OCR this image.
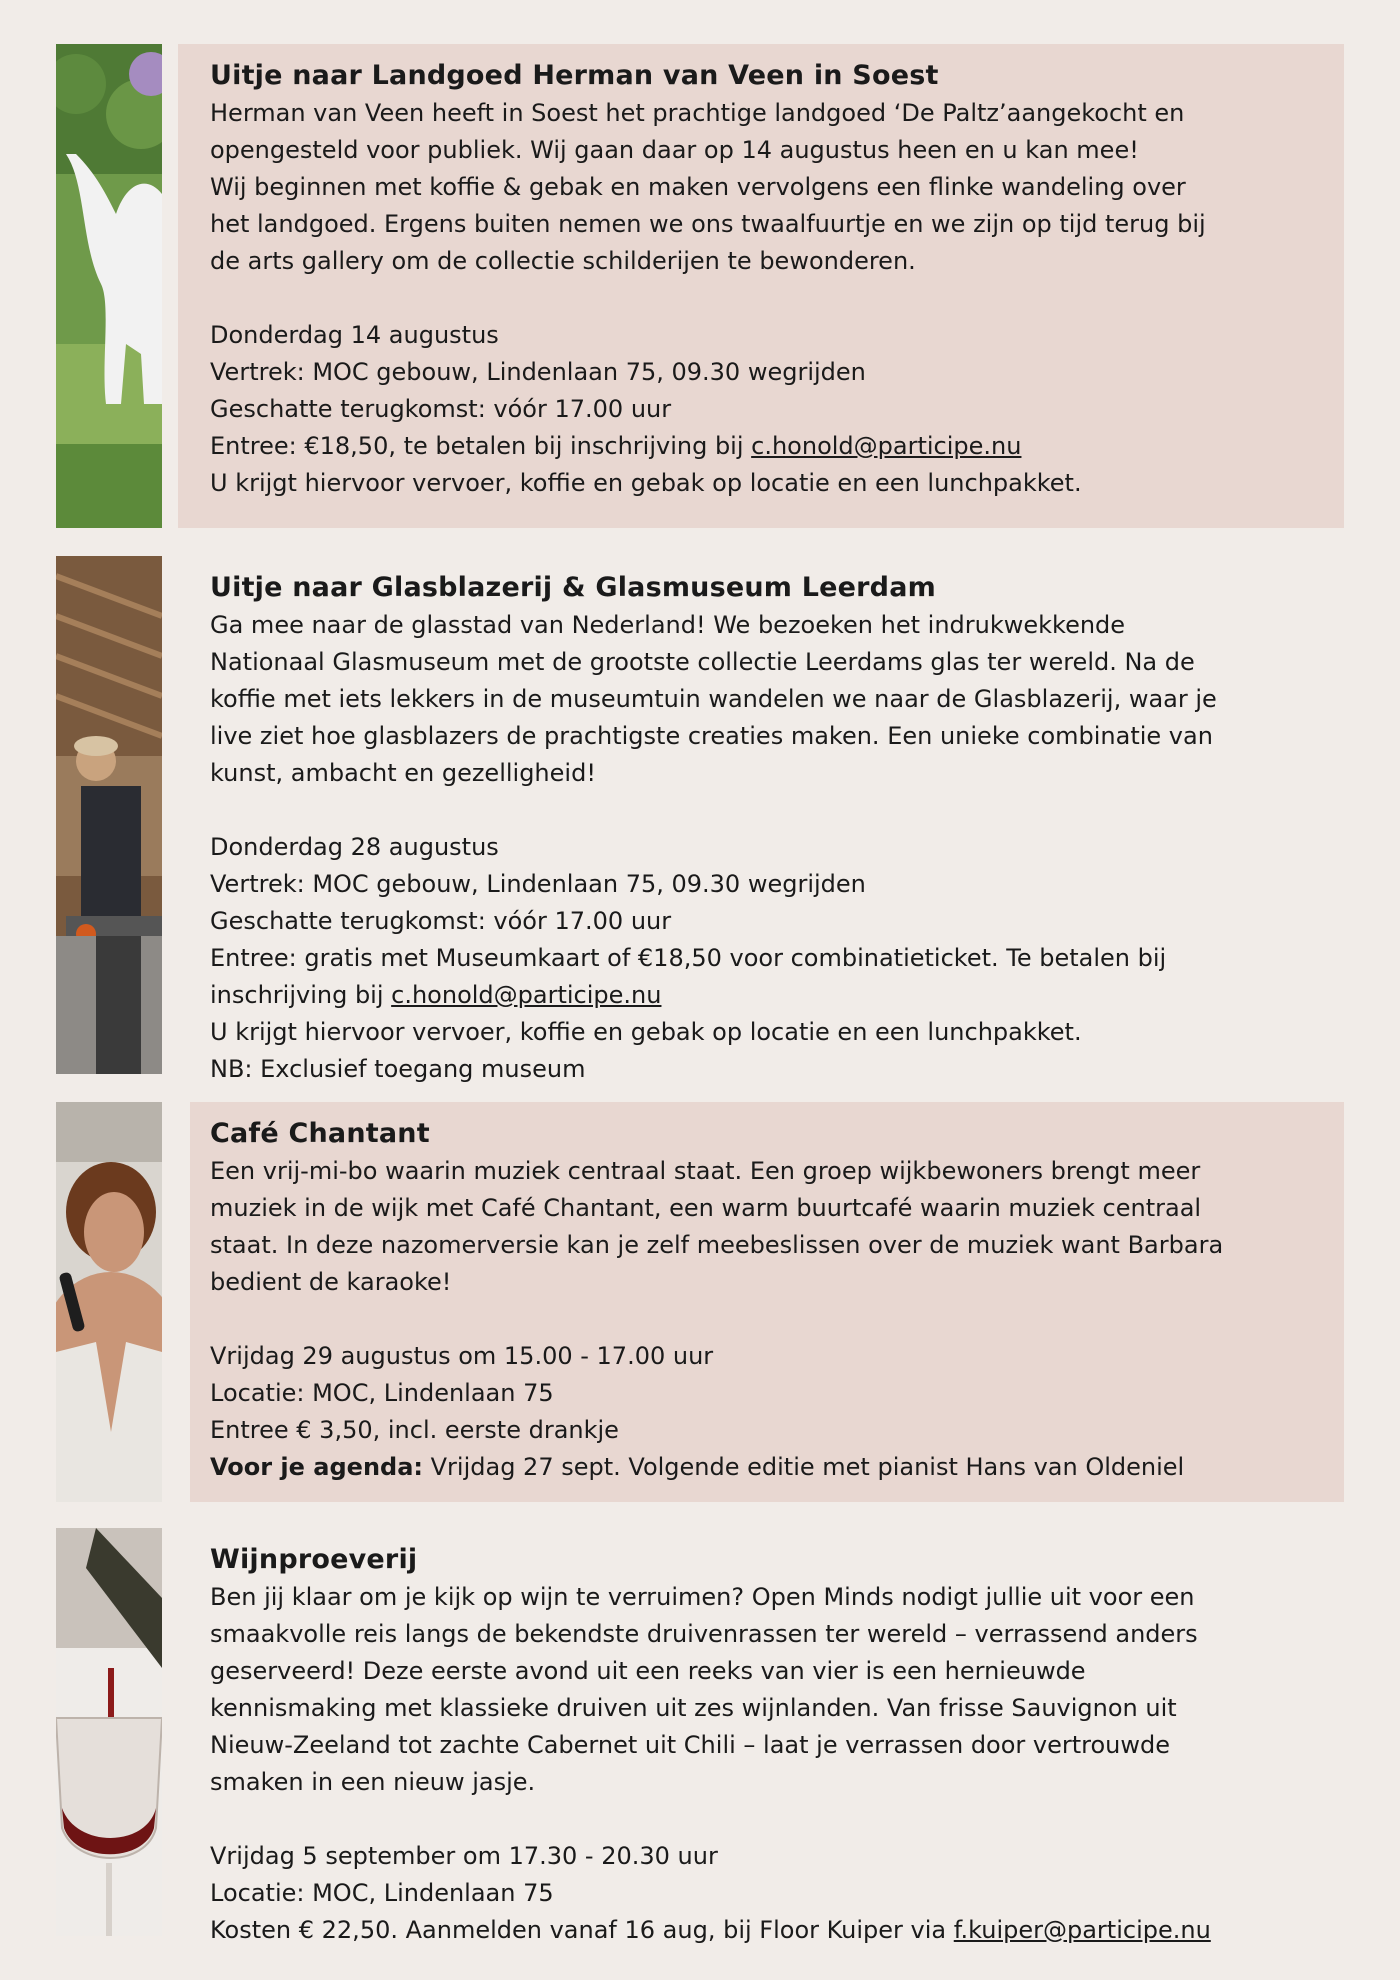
Uitje naar Landgoed Herman van Veen in Soest

Herman van Veen heeft in Soest het prachtige landgoed ‘De Paltz’aangekocht en

opengesteld voor publiek. Wij gaan daar op 14 augustus heen en u kan mee!

Wij beginnen met koffie & gebak en maken vervolgens een flinke wandeling over

het landgoed. Ergens buiten nemen we ons twaalfuurtje en we zijn op tijd terug bij

de arts gallery om de collectie schilderijen te bewonderen.

Donderdag 14 augustus

Vertrek: MOC gebouw, Lindenlaan 75, 09.30 wegrijden

Geschatte terugkomst: vóór 17.00 uur

Entree: €18,50, te betalen bij inschrijving bij c.honold@participe.nu

U krijgt hiervoor vervoer, koffie en gebak op locatie en een lunchpakket.

Uitje naar Glasblazerij & Glasmuseum Leerdam

Ga mee naar de glasstad van Nederland! We bezoeken het indrukwekkende

Nationaal Glasmuseum met de grootste collectie Leerdams glas ter wereld. Na de

koffie met iets lekkers in de museumtuin wandelen we naar de Glasblazerij, waar je

live ziet hoe glasblazers de prachtigste creaties maken. Een unieke combinatie van

kunst, ambacht en gezelligheid!

Donderdag 28 augustus

Vertrek: MOC gebouw, Lindenlaan 75, 09.30 wegrijden

Geschatte terugkomst: vóór 17.00 uur

Entree: gratis met Museumkaart of €18,50 voor combinatieticket. Te betalen bij

inschrijving bij c.honold@participe.nu

U krijgt hiervoor vervoer, koffie en gebak op locatie en een lunchpakket.

NB: Exclusief toegang museum

Café Chantant

Een vrij-mi-bo waarin muziek centraal staat. Een groep wijkbewoners brengt meer

muziek in de wijk met Café Chantant, een warm buurtcafé waarin muziek centraal

staat. In deze nazomerversie kan je zelf meebeslissen over de muziek want Barbara

bedient de karaoke!

Vrijdag 29 augustus om 15.00 - 17.00 uur

Locatie: MOC, Lindenlaan 75

Entree € 3,50, incl. eerste drankje

Voor je agenda: Vrijdag 27 sept. Volgende editie met pianist Hans van Oldeniel

Wijnproeverij

Ben jij klaar om je kijk op wijn te verruimen? Open Minds nodigt jullie uit voor een

smaakvolle reis langs de bekendste druivenrassen ter wereld – verrassend anders

geserveerd! Deze eerste avond uit een reeks van vier is een hernieuwde

kennismaking met klassieke druiven uit zes wijnlanden. Van frisse Sauvignon uit

Nieuw-Zeeland tot zachte Cabernet uit Chili – laat je verrassen door vertrouwde

smaken in een nieuw jasje.

Vrijdag 5 september om 17.30 - 20.30 uur

Locatie: MOC, Lindenlaan 75

Kosten € 22,50. Aanmelden vanaf 16 aug, bij Floor Kuiper via f.kuiper@participe.nu
